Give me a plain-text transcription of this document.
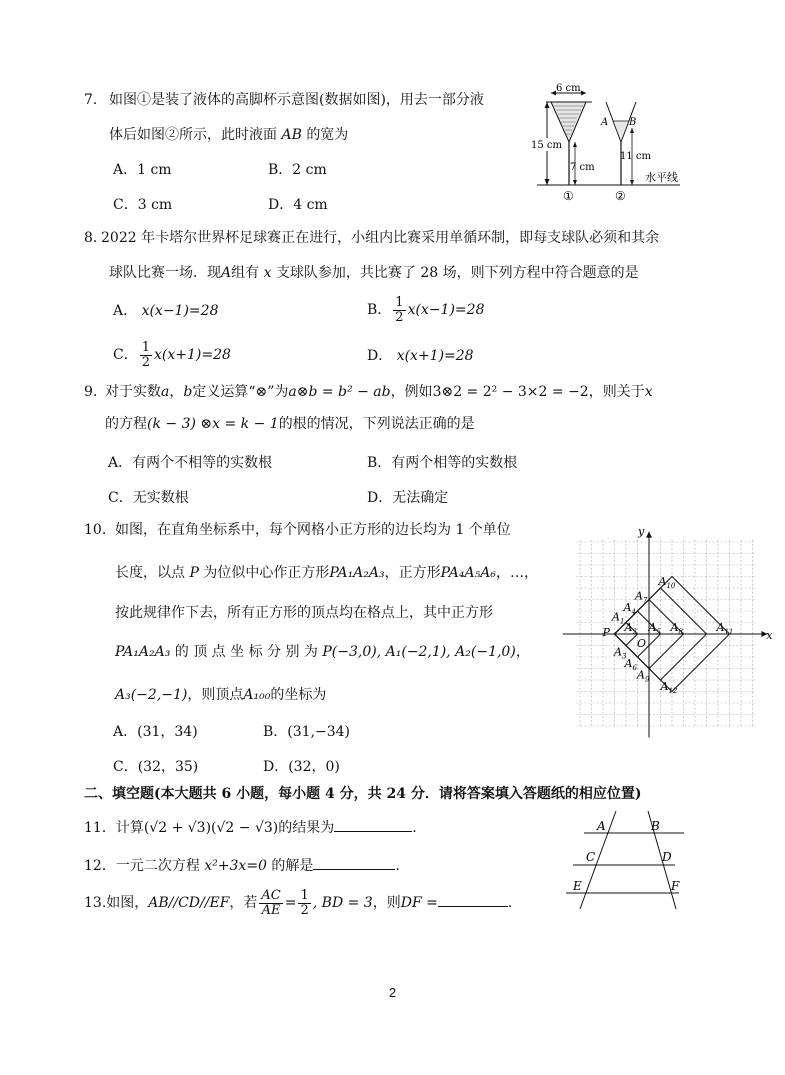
7. 如图①是装了液体的高脚杯示意图(数据如图)，用去一部分液
体后如图②所示，此时液面 AB 的宽为
A．1 cm	B．2 cm
C．3 cm	D．4 cm
6 cm
15 cm
7 cm
A B
11 cm
水平线
①	②
8. 2022 年卡塔尔世界杯足球赛正在进行，小组内比赛采用单循环制，即每支球队必须和其余
球队比赛一场．现A组有 x 支球队参加，共比赛了 28 场，则下列方程中符合题意的是
A． x(x−1)=28	B． $\frac{1}{2} x(x-1)=28$
C． $\frac{1}{2} x(x+1)=28$	D． x(x+1)=28
9. 对于实数a，b定义运算“⊗”为a⊗b = b² − ab，例如3⊗2 = 2² − 3×2 = −2，则关于x
的方程(k − 3) ⊗x = k − 1的根的情况，下列说法正确的是
A．有两个不相等的实数根	B．有两个相等的实数根
C．无实数根	D．无法确定
10. 如图，在直角坐标系中，每个网格小正方形的边长均为 1 个单位
长度，以点 P 为位似中心作正方形PA₁A₂A₃，正方形PA₄A₅A₆，…，
按此规律作下去，所有正方形的顶点均在格点上，其中正方形
PA₁A₂A₃ 的 顶 点 坐 标 分 别 为 P(−3,0), A₁(−2,1), A₂(−1,0)，
A₃(−2,−1)，则顶点A₁₀₀的坐标为
A．(31，34)	B．(31,−34)
C．(32，35)	D．(32，0)
x
y
O
P
$A_1$ $A_2$
$A_3$
$A_4$
$A_5$
$A_6$
$A_7$
$A_8$
$A_9$
$A_{10}$
$A_{11}$
$A_{12}$
二、填空题(本大题共 6 小题，每小题 4 分，共 24 分．请将答案填入答题纸的相应位置)
11．计算(√2 + √3)(√2 − √3)的结果为	.
12．一元二次方程 x²+3x=0 的解是	.
13.如图，AB//CD//EF，若 $\frac{AC}{AE} = \frac{1}{2}$ , BD = 3，则DF =	.
A	B
C	D
E	F
2
